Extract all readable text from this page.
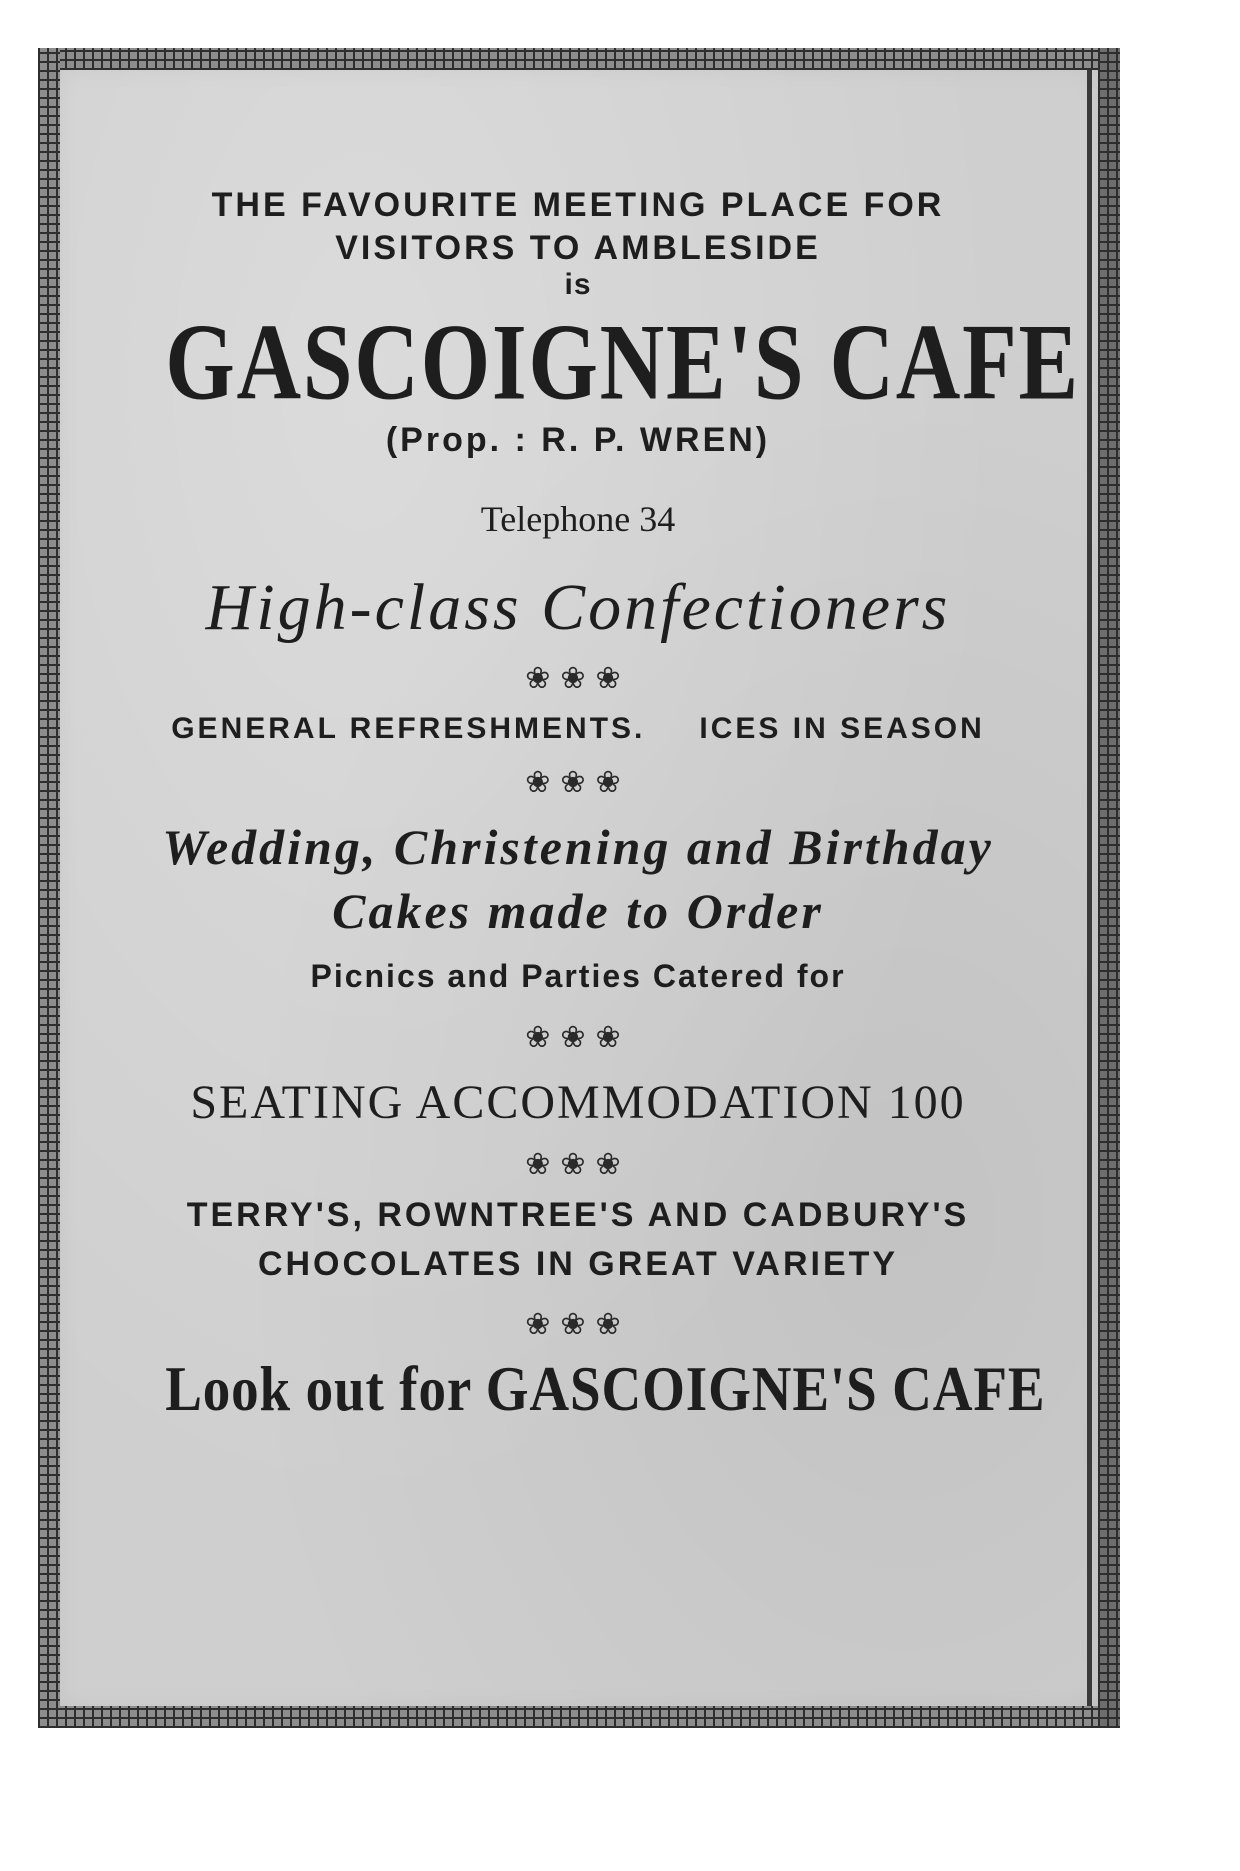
THE FAVOURITE MEETING PLACE FOR

VISITORS TO AMBLESIDE

is

GASCOIGNE'S CAFE

(Prop. : R. P. WREN)

Telephone 34

High-class Confectioners

❀❀❀

GENERAL REFRESHMENTS. ICES IN SEASON

❀❀❀

Wedding, Christening and Birthday

Cakes made to Order

Picnics and Parties Catered for

❀❀❀

SEATING ACCOMMODATION 100

❀❀❀

TERRY'S, ROWNTREE'S AND CADBURY'S

CHOCOLATES IN GREAT VARIETY

❀❀❀

Look out for GASCOIGNE'S CAFE
